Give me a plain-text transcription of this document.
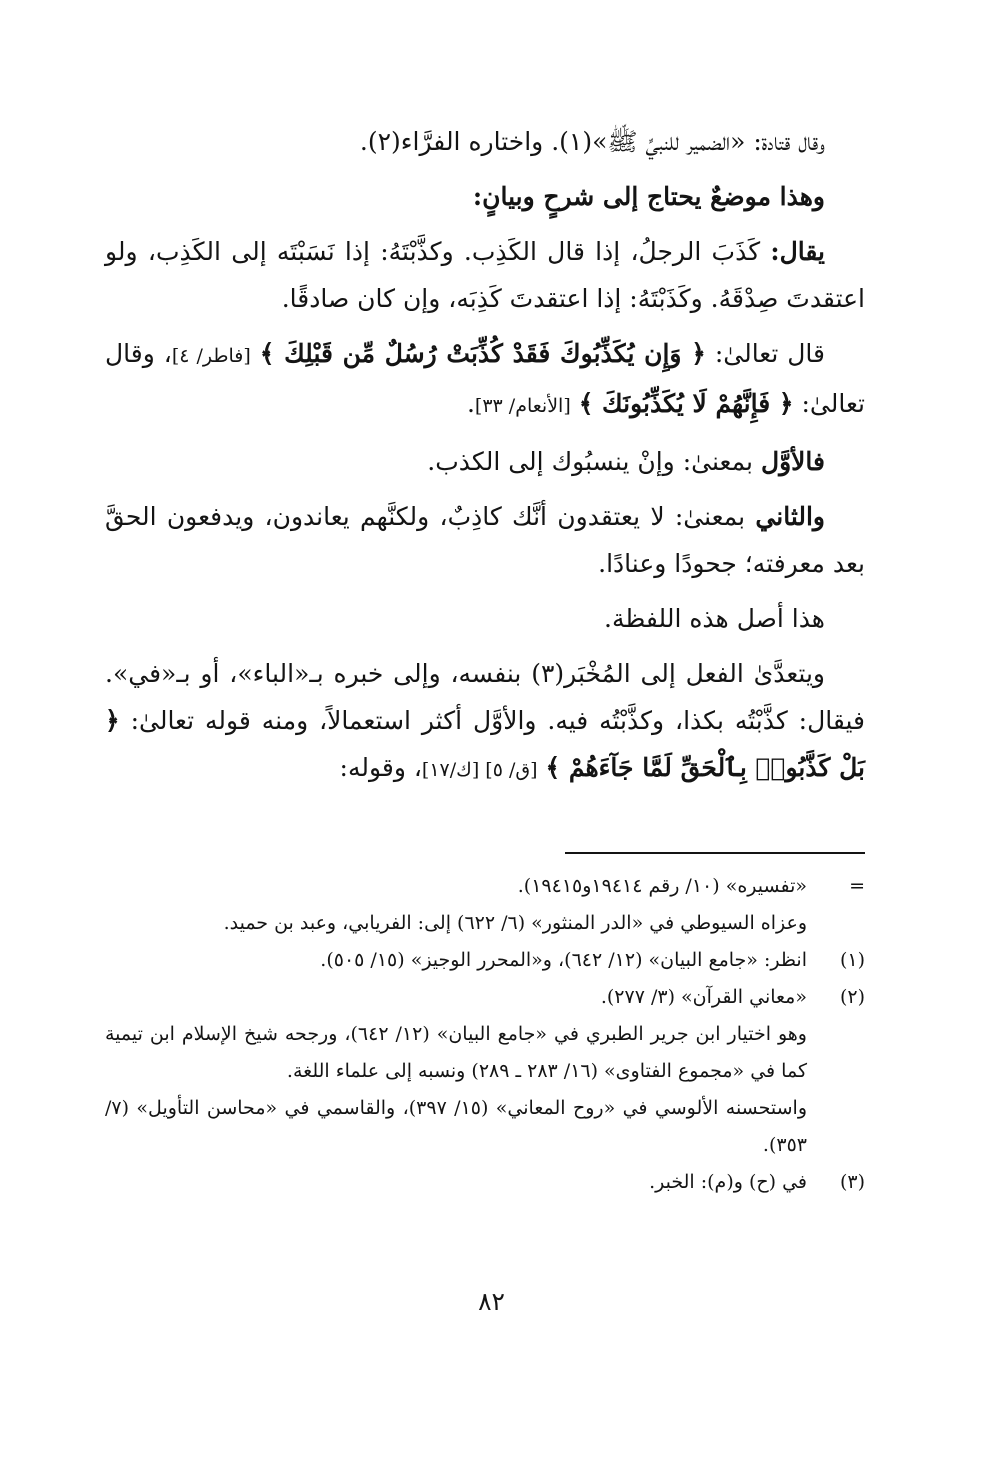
وقال قتادة: «الضمير للنبيِّ ﷺ»(١). واختاره الفرَّاء(٢).

وهذا موضعٌ يحتاج إلى شرحٍ وبيانٍ:

يقال: كَذَبَ الرجلُ، إذا قال الكَذِب. وكذَّبْتَهُ: إذا نَسَبْتَه إلى الكَذِب، ولو اعتقدتَ صِدْقَهُ. وكَذَبْتَهُ: إذا اعتقدتَ كَذِبَه، وإن كان صادقًا.

قال تعالىٰ: ﴿ وَإِن يُكَذِّبُوكَ فَقَدْ كُذِّبَتْ رُسُلٌ مِّن قَبْلِكَ ﴾ [فاطر/ ٤]، وقال تعالىٰ: ﴿ فَإِنَّهُمْ لَا يُكَذِّبُونَكَ ﴾ [الأنعام/ ٣٣].

فالأوَّل بمعنىٰ: وإنْ ينسبُوك إلى الكذب.

والثاني بمعنىٰ: لا يعتقدون أنَّك كاذِبٌ، ولكنَّهم يعاندون، ويدفعون الحقَّ بعد معرفته؛ جحودًا وعنادًا.

هذا أصل هذه اللفظة.

ويتعدَّىٰ الفعل إلى المُخْبَر(٣) بنفسه، وإلى خبره بـ«الباء»، أو بـ«في». فيقال: كذَّبْتُه بكذا، وكذَّبْتُه فيه. والأوَّل أكثر استعمالاً، ومنه قوله تعالىٰ: ﴿ بَلْ كَذَّبُوا۟ بِٱلْحَقِّ لَمَّا جَآءَهُمْ ﴾ [ق/ ٥] [ك/١٧]، وقوله:

=
«تفسيره» (١٠/ رقم ١٩٤١٤و١٩٤١٥).

وعزاه السيوطي في «الدر المنثور» (٦/ ٦٢٢) إلى: الفريابي، وعبد بن حميد.

(١)
انظر: «جامع البيان» (١٢/ ٦٤٢)، و«المحرر الوجيز» (١٥/ ٥٠٥).
(٢)
«معاني القرآن» (٣/ ٢٧٧).

وهو اختيار ابن جرير الطبري في «جامع البيان» (١٢/ ٦٤٢)، ورجحه شيخ الإسلام ابن تيمية كما في «مجموع الفتاوى» (١٦/ ٢٨٣ ـ ٢٨٩) ونسبه إلى علماء اللغة.

واستحسنه الألوسي في «روح المعاني» (١٥/ ٣٩٧)، والقاسمي في «محاسن التأويل» (٧/ ٣٥٣).

(٣)
في (ح) و(م): الخبر.
٨٢
